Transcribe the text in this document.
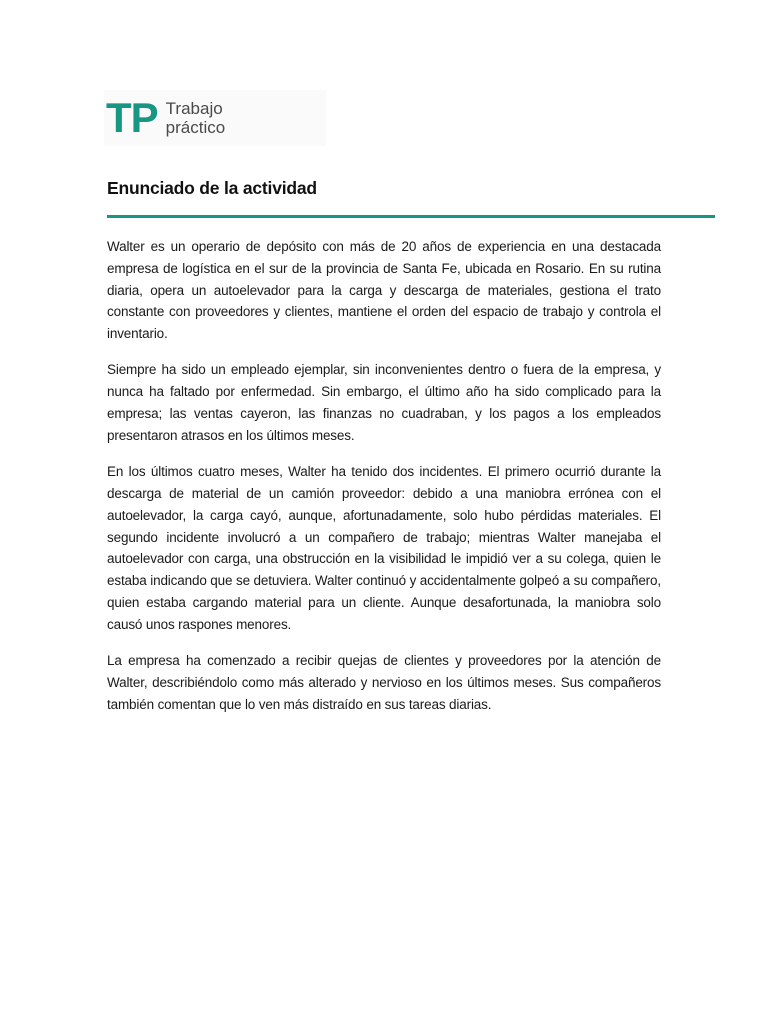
TP Trabajo
práctico
Enunciado de la actividad

Walter es un operario de depósito con más de 20 años de experiencia en una destacada empresa de logística en el sur de la provincia de Santa Fe, ubicada en Rosario. En su rutina diaria, opera un autoelevador para la carga y descarga de materiales, gestiona el trato constante con proveedores y clientes, mantiene el orden del espacio de trabajo y controla el inventario.

Siempre ha sido un empleado ejemplar, sin inconvenientes dentro o fuera de la empresa, y nunca ha faltado por enfermedad. Sin embargo, el último año ha sido complicado para la empresa; las ventas cayeron, las finanzas no cuadraban, y los pagos a los empleados presentaron atrasos en los últimos meses.

En los últimos cuatro meses, Walter ha tenido dos incidentes. El primero ocurrió durante la descarga de material de un camión proveedor: debido a una maniobra errónea con el autoelevador, la carga cayó, aunque, afortunadamente, solo hubo pérdidas materiales. El segundo incidente involucró a un compañero de trabajo; mientras Walter manejaba el autoelevador con carga, una obstrucción en la visibilidad le impidió ver a su colega, quien le estaba indicando que se detuviera. Walter continuó y accidentalmente golpeó a su compañero, quien estaba cargando material para un cliente. Aunque desafortunada, la maniobra solo causó unos raspones menores.

La empresa ha comenzado a recibir quejas de clientes y proveedores por la atención de Walter, describiéndolo como más alterado y nervioso en los últimos meses. Sus compañeros también comentan que lo ven más distraído en sus tareas diarias.
